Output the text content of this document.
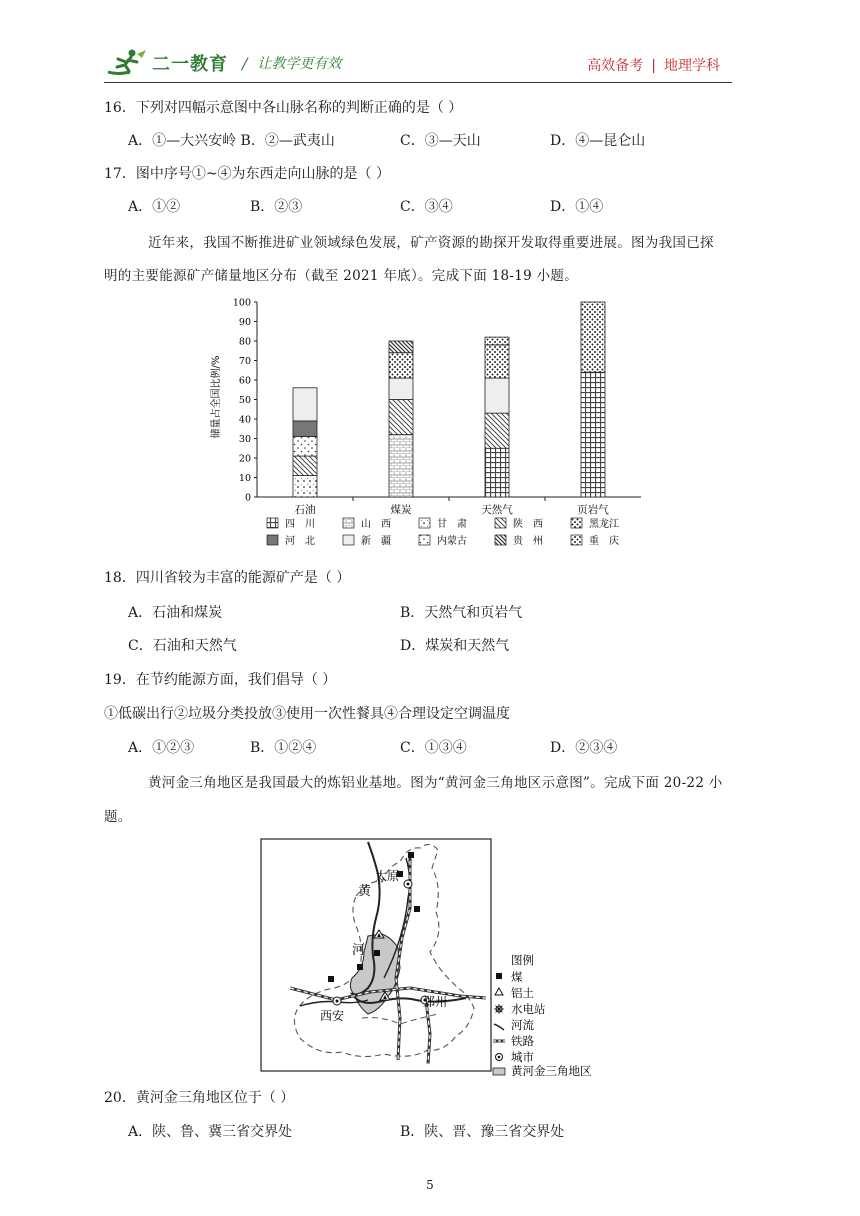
二一教育 / 让教学更有效	高效备考 | 地理学科
16．下列对四幅示意图中各山脉名称的判断正确的是（ ）
A．①—大兴安岭 B．②—武夷山	C．③—天山	D．④—昆仑山
17．图中序号①~④为东西走向山脉的是（ ）
A．①②	B．②③	C．③④	D．①④
近年来，我国不断推进矿业领域绿色发展，矿产资源的勘探开发取得重要进展。图为我国已探
明的主要能源矿产储量地区分布（截至 2021 年底）。完成下面 18-19 小题。
储量占全国比例/%
0
10
20
30
40
50
60
70
80
90
100
石油	煤炭	天然气	页岩气
四　川	山　西	甘　肃	陕　西	黑龙江
河　北	新　疆	内蒙古	贵　州	重　庆
18．四川省较为丰富的能源矿产是（ ）
A．石油和煤炭	B．天然气和页岩气
C．石油和天然气	D．煤炭和天然气
19．在节约能源方面，我们倡导（ ）
①低碳出行②垃圾分类投放③使用一次性餐具④合理设定空调温度
A．①②③	B．①②④	C．①③④	D．②③④
黄河金三角地区是我国最大的炼铝业基地。图为“黄河金三角地区示意图”。完成下面 20-22 小
题。
黄
河
太原
西安
郑州
图例
煤
铝土
水电站
河流
铁路
城市
黄河金三角地区
20．黄河金三角地区位于（ ）
A．陕、鲁、冀三省交界处	B．陕、晋、豫三省交界处
5
